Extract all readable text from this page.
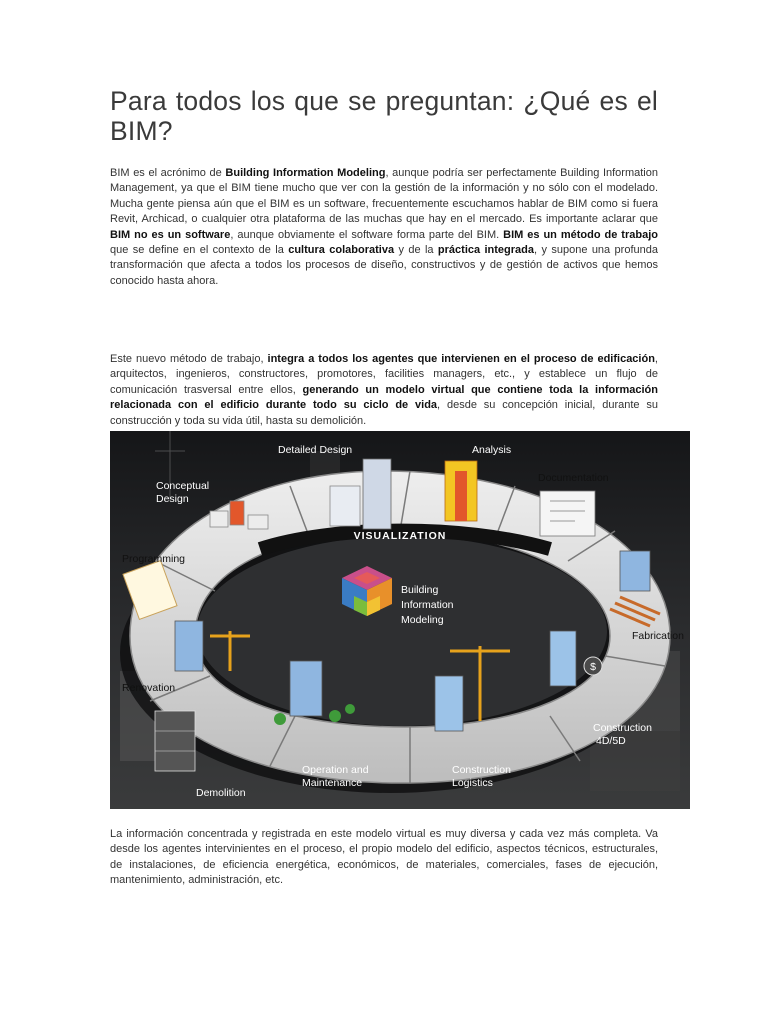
Para todos los que se preguntan: ¿Qué es el BIM?

BIM es el acrónimo de Building Information Modeling, aunque podría ser perfectamente Building Information Management, ya que el BIM tiene mucho que ver con la gestión de la información y no sólo con el modelado. Mucha gente piensa aún que el BIM es un software, frecuentemente escuchamos hablar de BIM como si fuera Revit, Archicad, o cualquier otra plataforma de las muchas que hay en el mercado. Es importante aclarar que BIM no es un software, aunque obviamente el software forma parte del BIM. BIM es un método de trabajo que se define en el contexto de la cultura colaborativa y de la práctica integrada, y supone una profunda transformación que afecta a todos los procesos de diseño, constructivos y de gestión de activos que hemos conocido hasta ahora.

Este nuevo método de trabajo, integra a todos los agentes que intervienen en el proceso de edificación, arquitectos, ingenieros, constructores, promotores, facilities managers, etc., y establece un flujo de comunicación trasversal entre ellos, generando un modelo virtual que contiene toda la información relacionada con el edificio durante todo su ciclo de vida, desde su concepción inicial, durante su construcción y toda su vida útil, hasta su demolición.

VISUALIZATION
Building
Information
Modeling
$
Detailed Design	Analysis
Documentation
Fabrication
Construction
4D/5D
Construction
Logistics
Operation and
Maintenance
Demolition
Renovation
Programming
Conceptual
Design

La información concentrada y registrada en este modelo virtual es muy diversa y cada vez más completa. Va desde los agentes intervinientes en el proceso, el propio modelo del edificio, aspectos técnicos, estructurales, de instalaciones, de eficiencia energética, económicos, de materiales, comerciales, fases de ejecución, mantenimiento, administración, etc.
